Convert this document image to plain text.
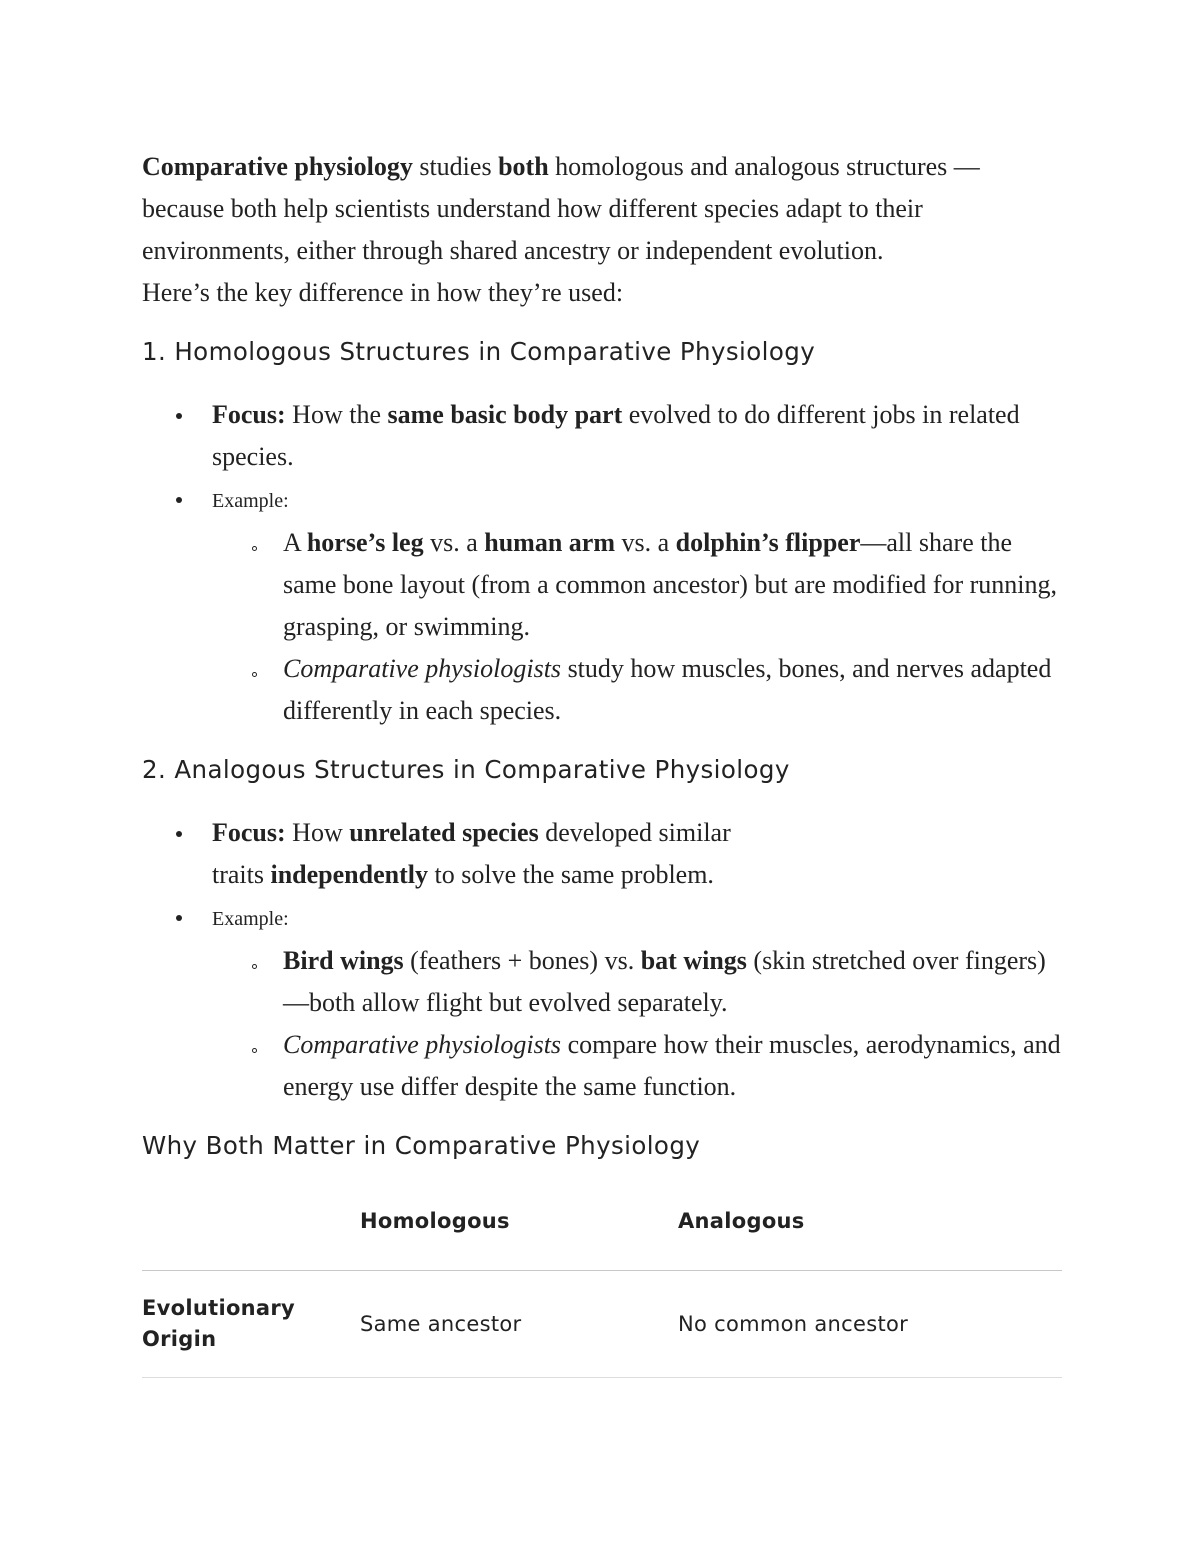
Comparative physiology studies both homologous and analogous structures —because both help scientists understand how different species adapt to their environments, either through shared ancestry or independent evolution.
Here’s the key difference in how they’re used:

1. Homologous Structures in Comparative Physiology
Focus: How the same basic body part evolved to do different jobs in related species.
Example:
A horse’s leg vs. a human arm vs. a dolphin’s flipper—all share the same bone layout (from a common ancestor) but are modified for running, grasping, or swimming.
Comparative physiologists study how muscles, bones, and nerves adapted differently in each species.
2. Analogous Structures in Comparative Physiology
Focus: How unrelated species developed similar
traits independently to solve the same problem.
Example:
Bird wings (feathers + bones) vs. bat wings (skin stretched over fingers)—both allow flight but evolved separately.
Comparative physiologists compare how their muscles, aerodynamics, and energy use differ despite the same function.
Why Both Matter in Comparative Physiology
	Homologous	Analogous
Evolutionary Origin	Same ancestor	No common ancestor
